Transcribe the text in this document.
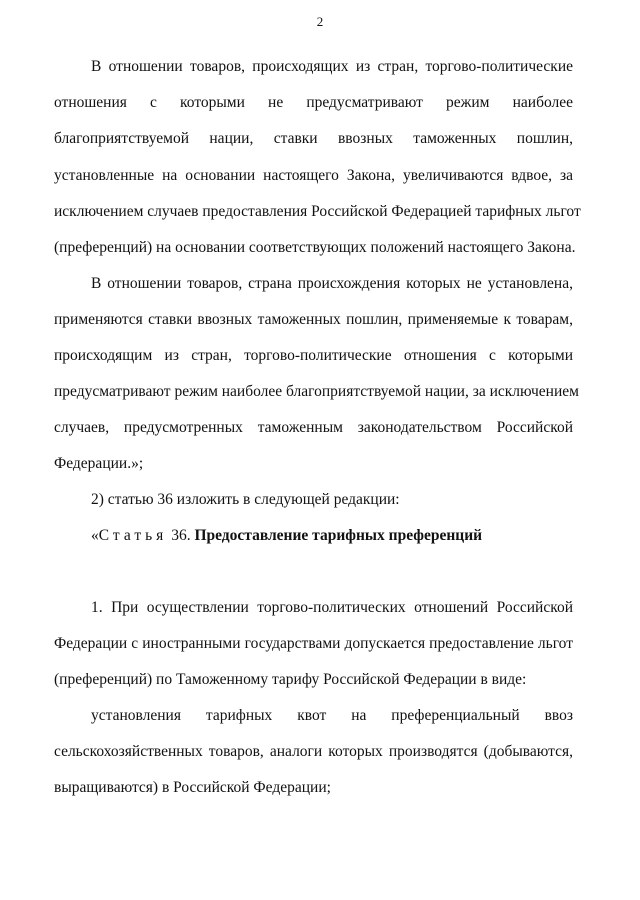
2
В отношении товаров, происходящих из стран, торгово-политические
отношения с которыми не предусматривают режим наиболее
благоприятствуемой нации, ставки ввозных таможенных пошлин,
установленные на основании настоящего Закона, увеличиваются вдвое, за
исключением случаев предоставления Российской Федерацией тарифных льгот
(преференций) на основании соответствующих положений настоящего Закона.
В отношении товаров, страна происхождения которых не установлена,
применяются ставки ввозных таможенных пошлин, применяемые к товарам,
происходящим из стран, торгово-политические отношения с которыми
предусматривают режим наиболее благоприятствуемой нации, за исключением
случаев, предусмотренных таможенным законодательством Российской
Федерации.»;
2) статью 36 изложить в следующей редакции:
«Статья 36. Предоставление тарифных преференций
1. При осуществлении торгово-политических отношений Российской
Федерации с иностранными государствами допускается предоставление льгот
(преференций) по Таможенному тарифу Российской Федерации в виде:
установления тарифных квот на преференциальный ввоз
сельскохозяйственных товаров, аналоги которых производятся (добываются,
выращиваются) в Российской Федерации;
